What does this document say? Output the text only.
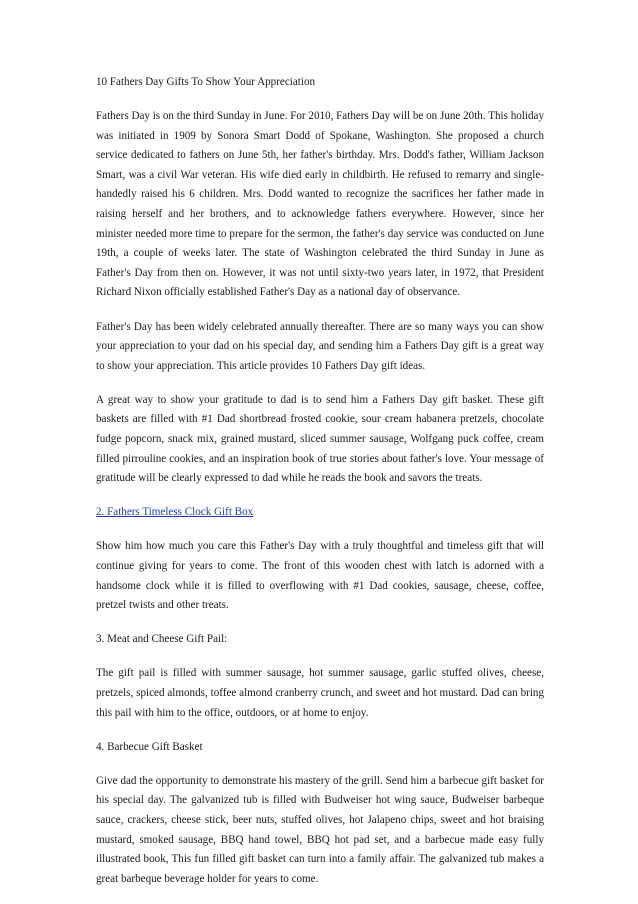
10 Fathers Day Gifts To Show Your Appreciation

Fathers Day is on the third Sunday in June. For 2010, Fathers Day will be on June 20th. This holiday was initiated in 1909 by Sonora Smart Dodd of Spokane, Washington. She proposed a church service dedicated to fathers on June 5th, her father's birthday. Mrs. Dodd's father, William Jackson Smart, was a civil War veteran. His wife died early in childbirth. He refused to remarry and single-handedly raised his 6 children. Mrs. Dodd wanted to recognize the sacrifices her father made in raising herself and her brothers, and to acknowledge fathers everywhere. However, since her minister needed more time to prepare for the sermon, the father's day service was conducted on June 19th, a couple of weeks later. The state of Washington celebrated the third Sunday in June as Father's Day from then on. However, it was not until sixty-two years later, in 1972, that President Richard Nixon officially established Father's Day as a national day of observance.

Father's Day has been widely celebrated annually thereafter. There are so many ways you can show your appreciation to your dad on his special day, and sending him a Fathers Day gift is a great way to show your appreciation. This article provides 10 Fathers Day gift ideas.

A great way to show your gratitude to dad is to send him a Fathers Day gift basket. These gift baskets are filled with #1 Dad shortbread frosted cookie, sour cream habanera pretzels, chocolate fudge popcorn, snack mix, grained mustard, sliced summer sausage, Wolfgang puck coffee, cream filled pirrouline cookies, and an inspiration book of true stories about father's love. Your message of gratitude will be clearly expressed to dad while he reads the book and savors the treats.

2. Fathers Timeless Clock Gift Box

Show him how much you care this Father's Day with a truly thoughtful and timeless gift that will continue giving for years to come. The front of this wooden chest with latch is adorned with a handsome clock while it is filled to overflowing with #1 Dad cookies, sausage, cheese, coffee, pretzel twists and other treats.

3. Meat and Cheese Gift Pail:

The gift pail is filled with summer sausage, hot summer sausage, garlic stuffed olives, cheese, pretzels, spiced almonds, toffee almond cranberry crunch, and sweet and hot mustard. Dad can bring this pail with him to the office, outdoors, or at home to enjoy.

4. Barbecue Gift Basket

Give dad the opportunity to demonstrate his mastery of the grill. Send him a barbecue gift basket for his special day. The galvanized tub is filled with Budweiser hot wing sauce, Budweiser barbeque sauce, crackers, cheese stick, beer nuts, stuffed olives, hot Jalapeno chips, sweet and hot braising mustard, smoked sausage, BBQ hand towel, BBQ hot pad set, and a barbecue made easy fully illustrated book, This fun filled gift basket can turn into a family affair. The galvanized tub makes a great barbeque beverage holder for years to come.
